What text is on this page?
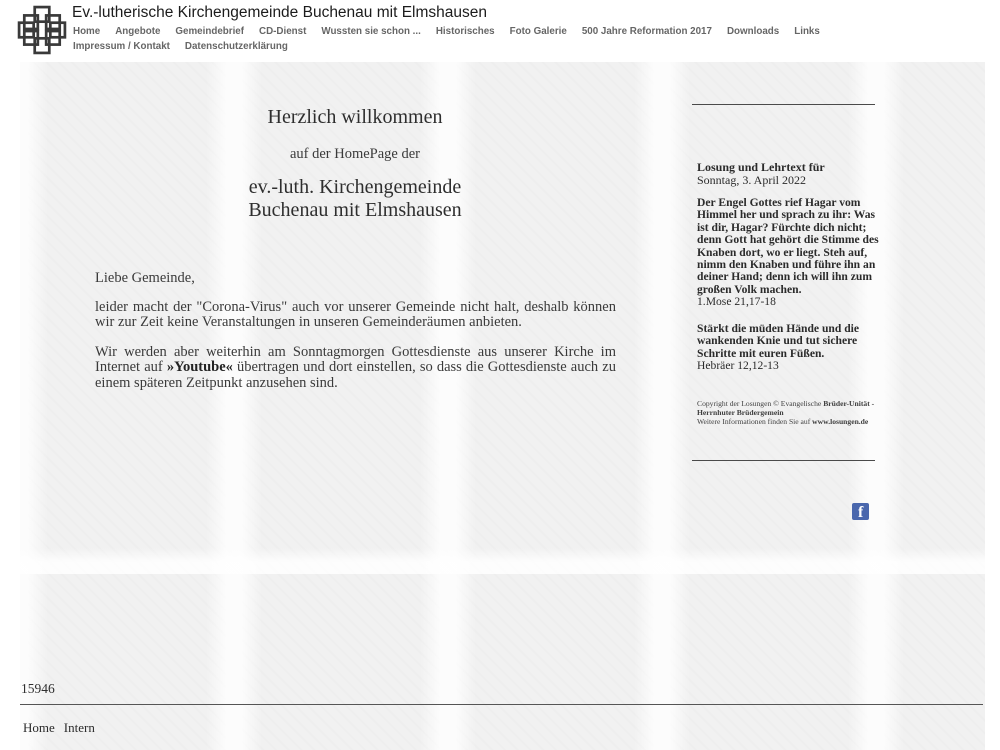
Ev.-lutherische Kirchengemeinde Buchenau mit Elmshausen
Home Angebote Gemeindebrief CD-Dienst Wussten sie schon ... Historisches Foto Galerie 500 Jahre Reformation 2017 Downloads Links
Impressum / Kontakt Datenschutzerklärung
Herzlich willkommen
auf der HomePage der
ev.-luth. Kirchengemeinde
Buchenau mit Elmshausen
Liebe Gemeinde,
leider macht der "Corona-Virus" auch vor unserer Gemeinde nicht halt, deshalb können wir zur Zeit keine Veranstaltungen in unseren Gemeinderäumen anbieten.
Wir werden aber weiterhin am Sonntagmorgen Gottesdienste aus unserer Kirche im Internet auf »Youtube« übertragen und dort einstellen, so dass die Gottesdienste auch zu einem späteren Zeitpunkt anzusehen sind.
Losung und Lehrtext für
Sonntag, 3. April 2022
Der Engel Gottes rief Hagar vom Himmel her und sprach zu ihr: Was ist dir, Hagar? Fürchte dich nicht; denn Gott hat gehört die Stimme des Knaben dort, wo er liegt. Steh auf, nimm den Knaben und führe ihn an deiner Hand; denn ich will ihn zum großen Volk machen.
1.Mose 21,17-18
Stärkt die müden Hände und die wankenden Knie und tut sichere Schritte mit euren Füßen.
Hebräer 12,12-13
Copyright der Losungen © Evangelische Brüder-Unität - Herrnhuter Brüdergemein
Weitere Informationen finden Sie auf www.losungen.de
f
15946
Home Intern
